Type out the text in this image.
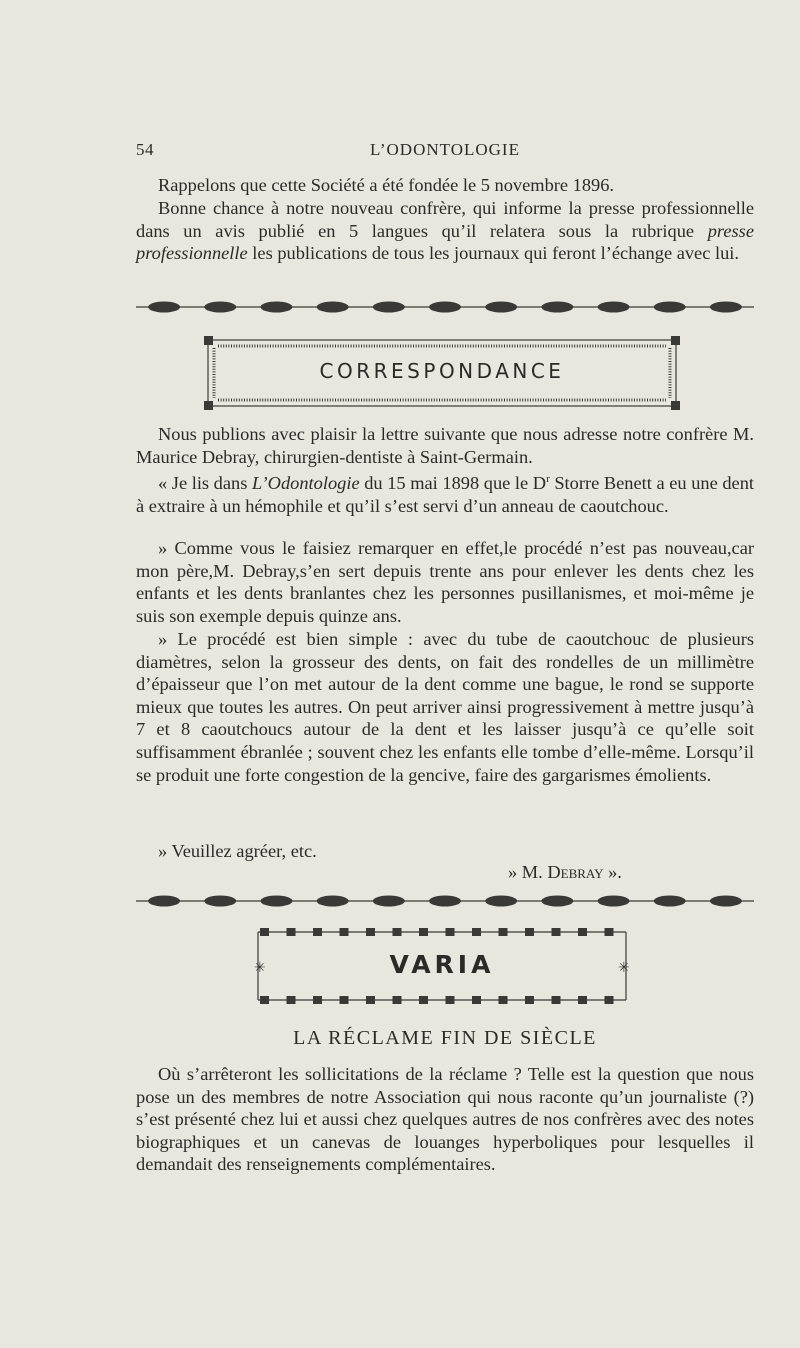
54	L’ODONTOLOGIE

Rappelons que cette Société a été fondée le 5 novembre 1896.

Bonne chance à notre nouveau confrère, qui informe la presse professionnelle dans un avis publié en 5 langues qu’il relatera sous la rubrique presse professionnelle les publications de tous les journaux qui feront l’échange avec lui.

CORRESPONDANCE

Nous publions avec plaisir la lettre suivante que nous adresse notre confrère M. Maurice Debray, chirurgien-dentiste à Saint-Germain.

« Je lis dans L’Odontologie du 15 mai 1898 que le $D^r$ Storre Benett a eu une dent à extraire à un hémophile et qu’il s’est servi d’un anneau de caoutchouc.

» Comme vous le faisiez remarquer en effet,le procédé n’est pas nouveau,car mon père,M. Debray,s’en sert depuis trente ans pour enlever les dents chez les enfants et les dents branlantes chez les personnes pusillanismes, et moi-même je suis son exemple depuis quinze ans.

» Le procédé est bien simple : avec du tube de caoutchouc de plusieurs diamètres, selon la grosseur des dents, on fait des rondelles de un millimètre d’épaisseur que l’on met autour de la dent comme une bague, le rond se supporte mieux que toutes les autres. On peut arriver ainsi progressivement à mettre jusqu’à 7 et 8 caoutchoucs autour de la dent et les laisser jusqu’à ce qu’elle soit suffisamment ébranlée ; souvent chez les enfants elle tombe d’elle-même. Lorsqu’il se produit une forte congestion de la gencive, faire des gargarismes émolients.

» Veuillez agréer, etc.

» M. Debray ».
✳	✳
VARIA
LA RÉCLAME FIN DE SIÈCLE

Où s’arrêteront les sollicitations de la réclame ? Telle est la question que nous pose un des membres de notre Association qui nous raconte qu’un journaliste (?) s’est présenté chez lui et aussi chez quelques autres de nos confrères avec des notes biographiques et un canevas de louanges hyperboliques pour lesquelles il demandait des renseignements complémentaires.
